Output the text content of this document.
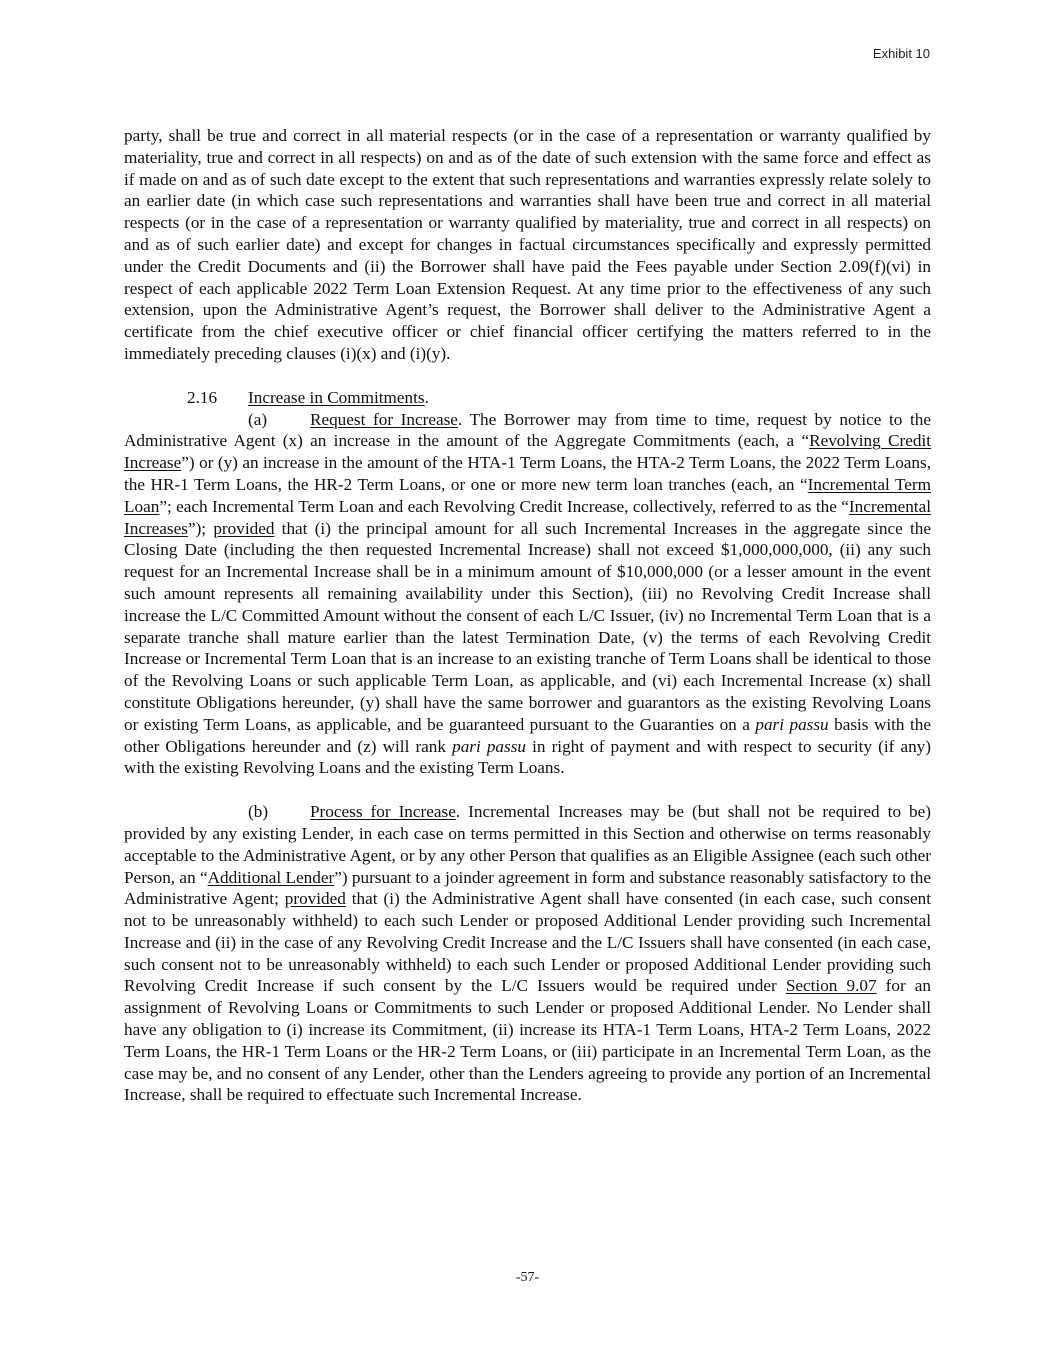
Exhibit 10

party, shall be true and correct in all material respects (or in the case of a representation or warranty qualified by materiality, true and correct in all respects) on and as of the date of such extension with the same force and effect as if made on and as of such date except to the extent that such representations and warranties expressly relate solely to an earlier date (in which case such representations and warranties shall have been true and correct in all material respects (or in the case of a representation or warranty qualified by materiality, true and correct in all respects) on and as of such earlier date) and except for changes in factual circumstances specifically and expressly permitted under the Credit Documents and (ii) the Borrower shall have paid the Fees payable under Section 2.09(f)(vi) in respect of each applicable 2022 Term Loan Extension Request. At any time prior to the effectiveness of any such extension, upon the Administrative Agent’s request, the Borrower shall deliver to the Administrative Agent a certificate from the chief executive officer or chief financial officer certifying the matters referred to in the immediately preceding clauses (i)(x) and (i)(y).

2.16 Increase in Commitments.

(a) Request for Increase. The Borrower may from time to time, request by notice to the Administrative Agent (x) an increase in the amount of the Aggregate Commitments (each, a “Revolving Credit Increase”) or (y) an increase in the amount of the HTA-1 Term Loans, the HTA-2 Term Loans, the 2022 Term Loans, the HR-1 Term Loans, the HR-2 Term Loans, or one or more new term loan tranches (each, an “Incremental Term Loan”; each Incremental Term Loan and each Revolving Credit Increase, collectively, referred to as the “Incremental Increases”); provided that (i) the principal amount for all such Incremental Increases in the aggregate since the Closing Date (including the then requested Incremental Increase) shall not exceed $1,000,000,000, (ii) any such request for an Incremental Increase shall be in a minimum amount of $10,000,000 (or a lesser amount in the event such amount represents all remaining availability under this Section), (iii) no Revolving Credit Increase shall increase the L/C Committed Amount without the consent of each L/C Issuer, (iv) no Incremental Term Loan that is a separate tranche shall mature earlier than the latest Termination Date, (v) the terms of each Revolving Credit Increase or Incremental Term Loan that is an increase to an existing tranche of Term Loans shall be identical to those of the Revolving Loans or such applicable Term Loan, as applicable, and (vi) each Incremental Increase (x) shall constitute Obligations hereunder, (y) shall have the same borrower and guarantors as the existing Revolving Loans or existing Term Loans, as applicable, and be guaranteed pursuant to the Guaranties on a pari passu basis with the other Obligations hereunder and (z) will rank pari passu in right of payment and with respect to security (if any) with the existing Revolving Loans and the existing Term Loans.

(b) Process for Increase. Incremental Increases may be (but shall not be required to be) provided by any existing Lender, in each case on terms permitted in this Section and otherwise on terms reasonably acceptable to the Administrative Agent, or by any other Person that qualifies as an Eligible Assignee (each such other Person, an “Additional Lender”) pursuant to a joinder agreement in form and substance reasonably satisfactory to the Administrative Agent; provided that (i) the Administrative Agent shall have consented (in each case, such consent not to be unreasonably withheld) to each such Lender or proposed Additional Lender providing such Incremental Increase and (ii) in the case of any Revolving Credit Increase and the L/C Issuers shall have consented (in each case, such consent not to be unreasonably withheld) to each such Lender or proposed Additional Lender providing such Revolving Credit Increase if such consent by the L/C Issuers would be required under Section 9.07 for an assignment of Revolving Loans or Commitments to such Lender or proposed Additional Lender. No Lender shall have any obligation to (i) increase its Commitment, (ii) increase its HTA-1 Term Loans, HTA-2 Term Loans, 2022 Term Loans, the HR-1 Term Loans or the HR-2 Term Loans, or (iii) participate in an Incremental Term Loan, as the case may be, and no consent of any Lender, other than the Lenders agreeing to provide any portion of an Incremental Increase, shall be required to effectuate such Incremental Increase.

-57-
